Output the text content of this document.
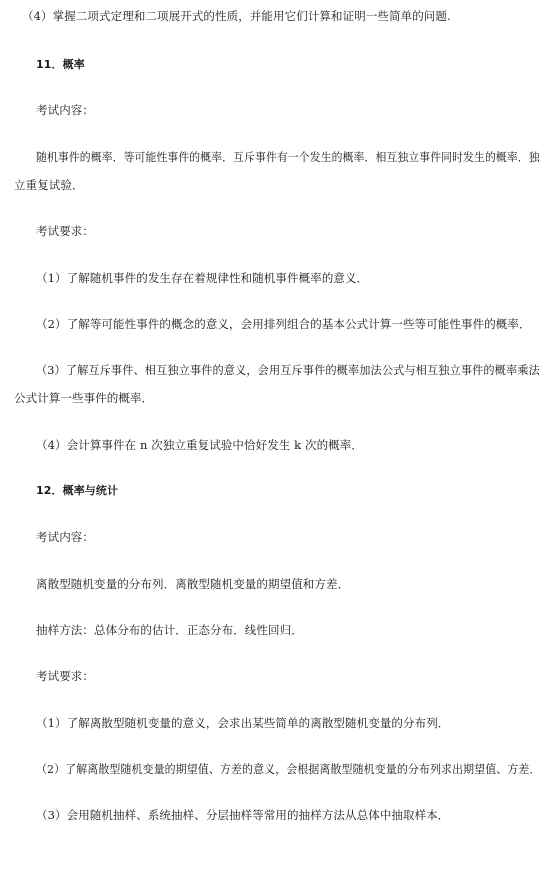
（4）掌握二项式定理和二项展开式的性质，并能用它们计算和证明一些简单的问题.
11．概率
考试内容：
随机事件的概率．等可能性事件的概率．互斥事件有一个发生的概率．相互独立事件同时发生的概率．独
立重复试验．
考试要求：
（1）了解随机事件的发生存在着规律性和随机事件概率的意义．
（2）了解等可能性事件的概念的意义，会用排列组合的基本公式计算一些等可能性事件的概率．
（3）了解互斥事件、相互独立事件的意义，会用互斥事件的概率加法公式与相互独立事件的概率乘法
公式计算一些事件的概率．
（4）会计算事件在 n 次独立重复试验中恰好发生 k 次的概率．
12．概率与统计
考试内容：
离散型随机变量的分布列．离散型随机变量的期望值和方差．
抽样方法：总体分布的估计．正态分布．线性回归．
考试要求：
（1）了解离散型随机变量的意义，会求出某些简单的离散型随机变量的分布列．
（2）了解离散型随机变量的期望值、方差的意义，会根据离散型随机变量的分布列求出期望值、方差．
（3）会用随机抽样、系统抽样、分层抽样等常用的抽样方法从总体中抽取样本．
